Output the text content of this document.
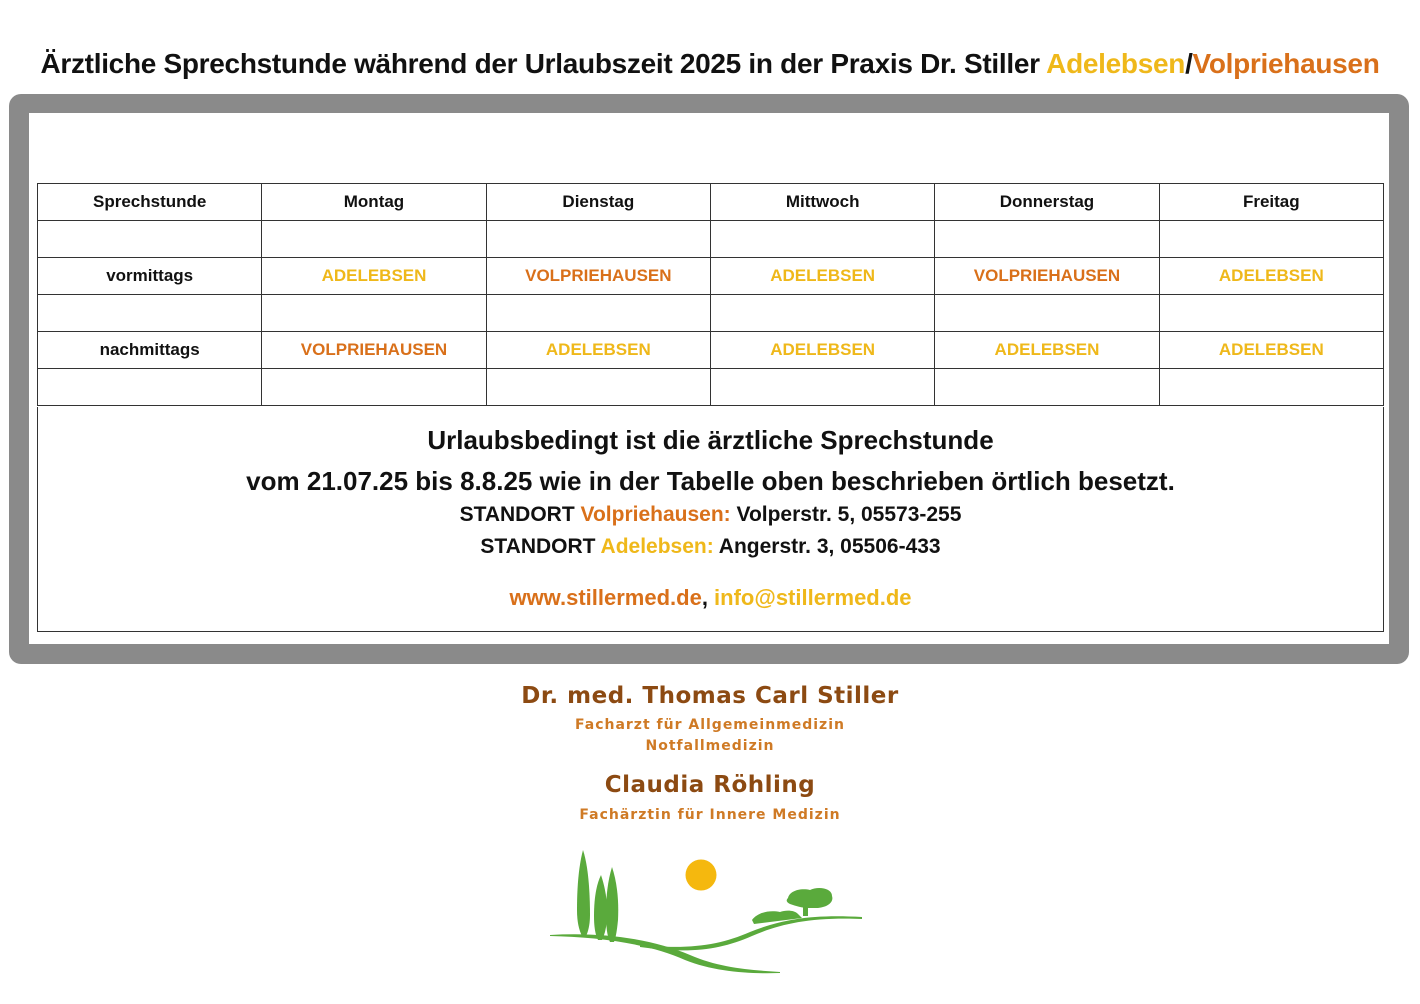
Ärztliche Sprechstunde während der Urlaubszeit 2025 in der Praxis Dr. Stiller Adelebsen/Volpriehausen
Sprechstunde	Montag	Dienstag	Mittwoch	Donnerstag	Freitag

vormittags	ADELEBSEN	VOLPRIEHAUSEN	ADELEBSEN	VOLPRIEHAUSEN	ADELEBSEN

nachmittags	VOLPRIEHAUSEN	ADELEBSEN	ADELEBSEN	ADELEBSEN	ADELEBSEN

Urlaubsbedingt ist die ärztliche Sprechstunde
vom 21.07.25 bis 8.8.25 wie in der Tabelle oben beschrieben örtlich besetzt.
STANDORT Volpriehausen: Volperstr. 5, 05573-255
STANDORT Adelebsen: Angerstr. 3, 05506-433
www.stillermed.de, info@stillermed.de
Dr. med. Thomas Carl Stiller
Facharzt für Allgemeinmedizin
Notfallmedizin
Claudia Röhling
Fachärztin für Innere Medizin
